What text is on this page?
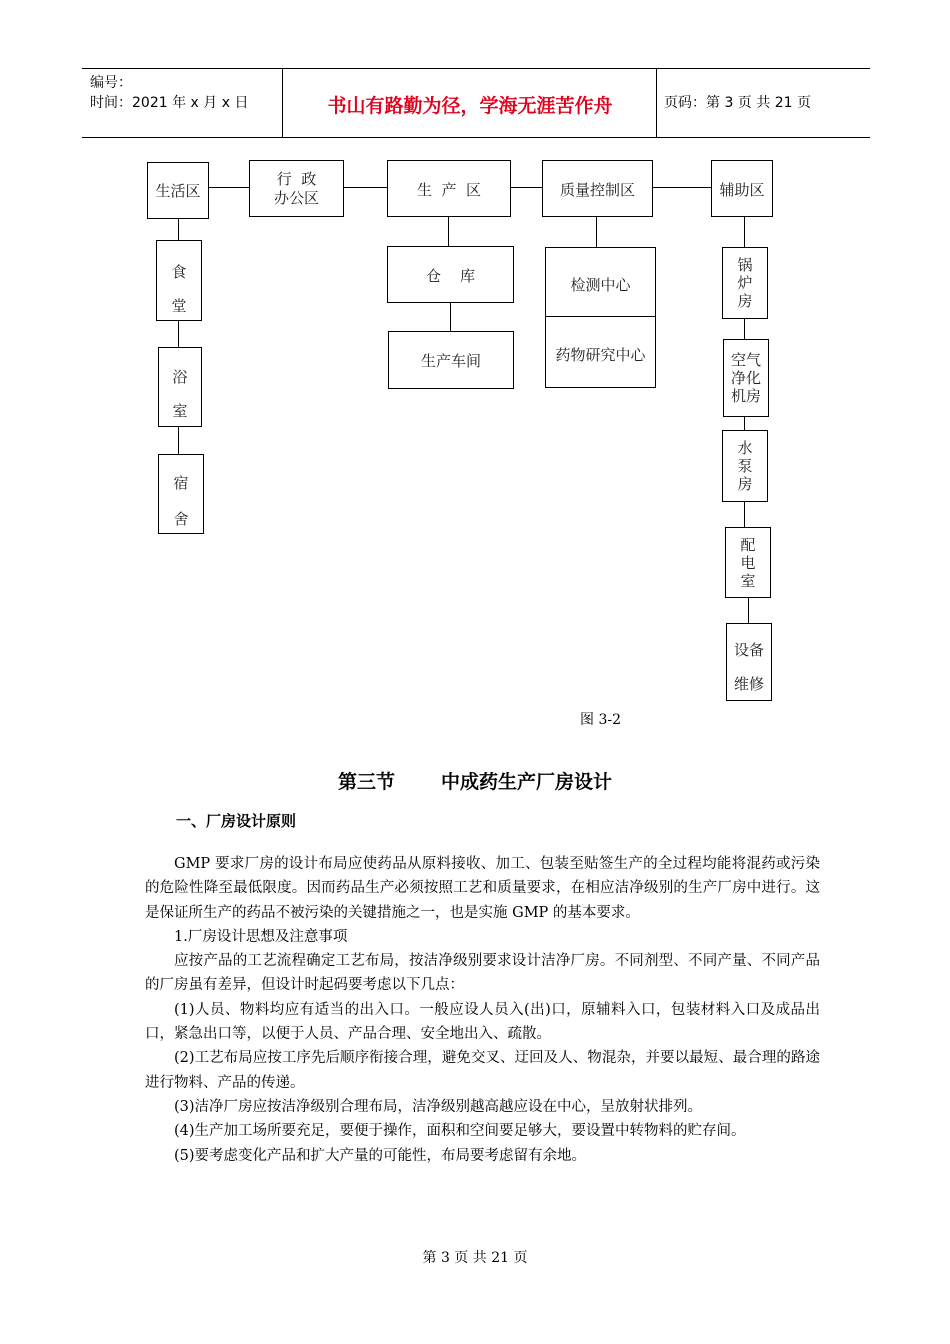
编号：
时间：2021 年 x 月 x 日	书山有路勤为径，学海无涯苦作舟	页码：第 3 页 共 21 页
生活区
行  政
办公区	生  产  区	质量控制区	辅助区
食
堂
浴
室
宿
舍
仓    库
生产车间
检测中心
药物研究中心
锅
炉
房
空气
净化
机房
水
泵
房
配
电
室
设备
维修
图 3-2
第三节 中成药生产厂房设计
一、厂房设计原则

GMP 要求厂房的设计布局应使药品从原料接收、加工、包装至贴签生产的全过程均能将混药或污染的危险性降至最低限度。因而药品生产必须按照工艺和质量要求，在相应洁净级别的生产厂房中进行。这是保证所生产的药品不被污染的关键措施之一，也是实施 GMP 的基本要求。

1.厂房设计思想及注意事项

应按产品的工艺流程确定工艺布局，按洁净级别要求设计洁净厂房。不同剂型、不同产量、不同产品的厂房虽有差异，但设计时起码要考虑以下几点：

(1)人员、物料均应有适当的出入口。一般应设人员入(出)口，原辅料入口，包装材料入口及成品出口，紧急出口等，以便于人员、产品合理、安全地出入、疏散。

(2)工艺布局应按工序先后顺序衔接合理，避免交叉、迂回及人、物混杂，并要以最短、最合理的路途进行物料、产品的传递。

(3)洁净厂房应按洁净级别合理布局，洁净级别越高越应设在中心，呈放射状排列。

(4)生产加工场所要充足，要便于操作，面积和空间要足够大，要设置中转物料的贮存间。

(5)要考虑变化产品和扩大产量的可能性，布局要考虑留有余地。

第 3 页 共 21 页
